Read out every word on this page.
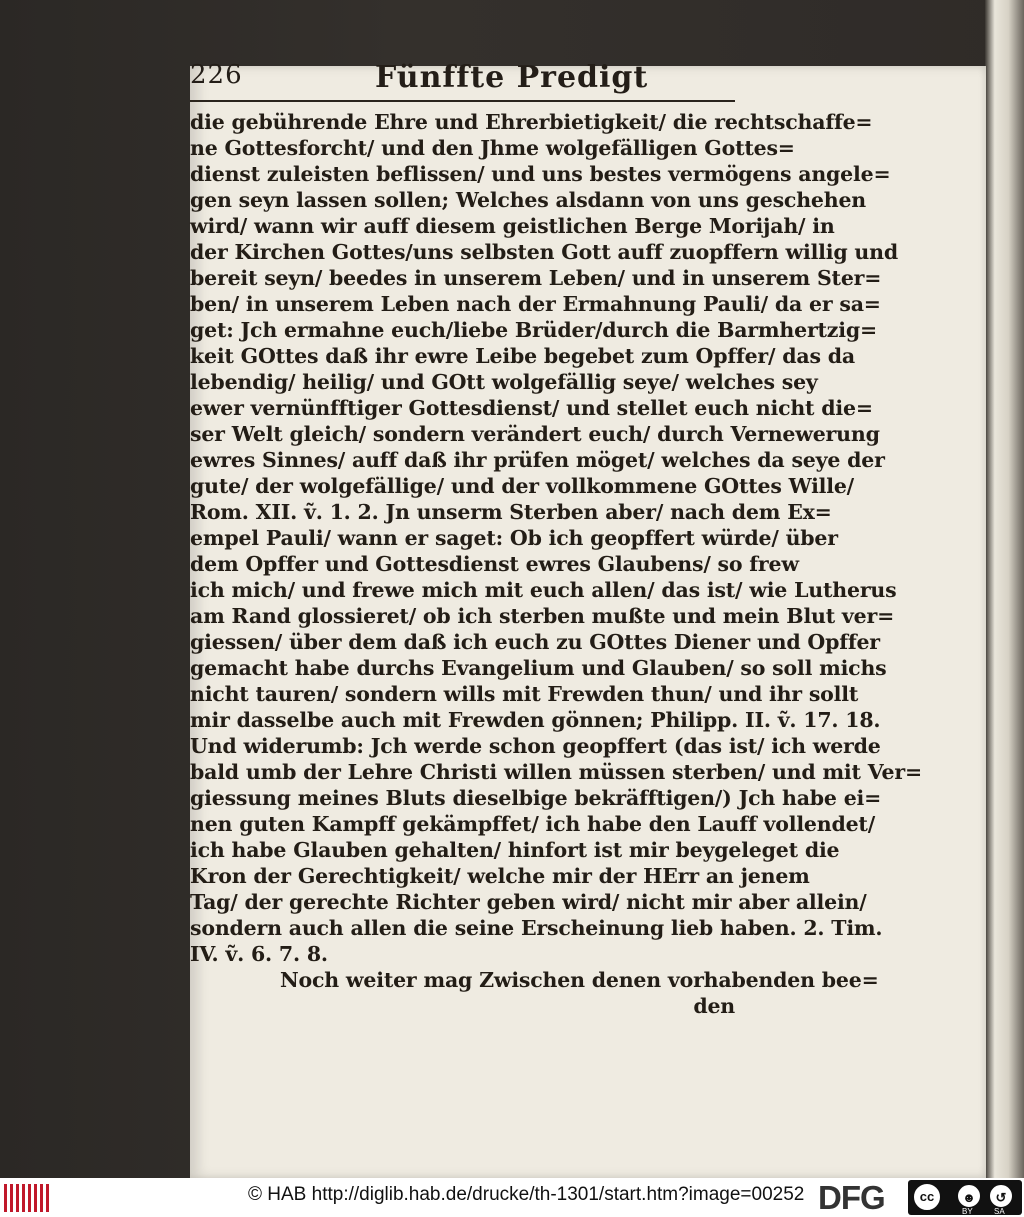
226	Fünffte Predigt
die gebührende Ehre und Ehrerbietigkeit/ die rechtschaffe=
ne Gottesforcht/ und den Jhme wolgefälligen Gottes=
dienst zuleisten beflissen/ und uns bestes vermögens angele=
gen seyn lassen sollen; Welches alsdann von uns geschehen
wird/ wann wir auff diesem geistlichen Berge Morijah/ in
der Kirchen Gottes/uns selbsten Gott auff zuopffern willig und
bereit seyn/ beedes in unserem Leben/ und in unserem Ster=
ben/ in unserem Leben nach der Ermahnung Pauli/ da er sa=
get: Jch ermahne euch/liebe Brüder/durch die Barmhertzig=
keit GOttes daß ihr ewre Leibe begebet zum Opffer/ das da
lebendig/ heilig/ und GOtt wolgefällig seye/ welches sey
ewer vernünfftiger Gottesdienst/ und stellet euch nicht die=
ser Welt gleich/ sondern verändert euch/ durch Vernewerung
ewres Sinnes/ auff daß ihr prüfen möget/ welches da seye der
gute/ der wolgefällige/ und der vollkommene GOttes Wille/
Rom. XII. ṽ. 1. 2. Jn unserm Sterben aber/ nach dem Ex=
empel Pauli/ wann er saget: Ob ich geopffert würde/ über
dem Opffer und Gottesdienst ewres Glaubens/ so frew
ich mich/ und frewe mich mit euch allen/ das ist/ wie Lutherus
am Rand glossieret/ ob ich sterben mußte und mein Blut ver=
giessen/ über dem daß ich euch zu GOttes Diener und Opffer
gemacht habe durchs Evangelium und Glauben/ so soll michs
nicht tauren/ sondern wills mit Frewden thun/ und ihr sollt
mir dasselbe auch mit Frewden gönnen; Philipp. II. ṽ. 17. 18.
Und widerumb: Jch werde schon geopffert (das ist/ ich werde
bald umb der Lehre Christi willen müssen sterben/ und mit Ver=
giessung meines Bluts dieselbige bekräfftigen/) Jch habe ei=
nen guten Kampff gekämpffet/ ich habe den Lauff vollendet/
ich habe Glauben gehalten/ hinfort ist mir beygeleget die
Kron der Gerechtigkeit/ welche mir der HErr an jenem
Tag/ der gerechte Richter geben wird/ nicht mir aber allein/
sondern auch allen die seine Erscheinung lieb haben. 2. Tim.
IV. ṽ. 6. 7. 8.
Noch weiter mag Zwischen denen vorhabenden bee=
den
© HAB http://diglib.hab.de/drucke/th-1301/start.htm?image=00252 DFG	cc	☻	↺
BY	SA
